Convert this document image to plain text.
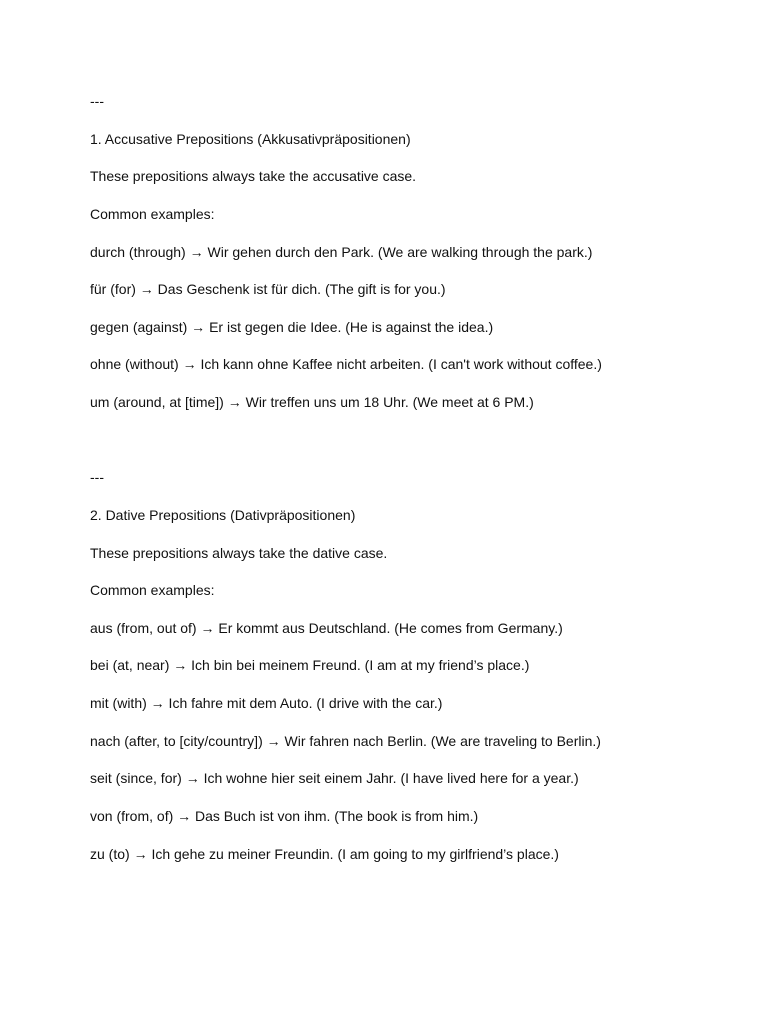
---

1. Accusative Prepositions (Akkusativpräpositionen)

These prepositions always take the accusative case.

Common examples:

durch (through) → Wir gehen durch den Park. (We are walking through the park.)

für (for) → Das Geschenk ist für dich. (The gift is for you.)

gegen (against) → Er ist gegen die Idee. (He is against the idea.)

ohne (without) → Ich kann ohne Kaffee nicht arbeiten. (I can't work without coffee.)

um (around, at [time]) → Wir treffen uns um 18 Uhr. (We meet at 6 PM.)

---

2. Dative Prepositions (Dativpräpositionen)

These prepositions always take the dative case.

Common examples:

aus (from, out of) → Er kommt aus Deutschland. (He comes from Germany.)

bei (at, near) → Ich bin bei meinem Freund. (I am at my friend’s place.)

mit (with) → Ich fahre mit dem Auto. (I drive with the car.)

nach (after, to [city/country]) → Wir fahren nach Berlin. (We are traveling to Berlin.)

seit (since, for) → Ich wohne hier seit einem Jahr. (I have lived here for a year.)

von (from, of) → Das Buch ist von ihm. (The book is from him.)

zu (to) → Ich gehe zu meiner Freundin. (I am going to my girlfriend’s place.)
